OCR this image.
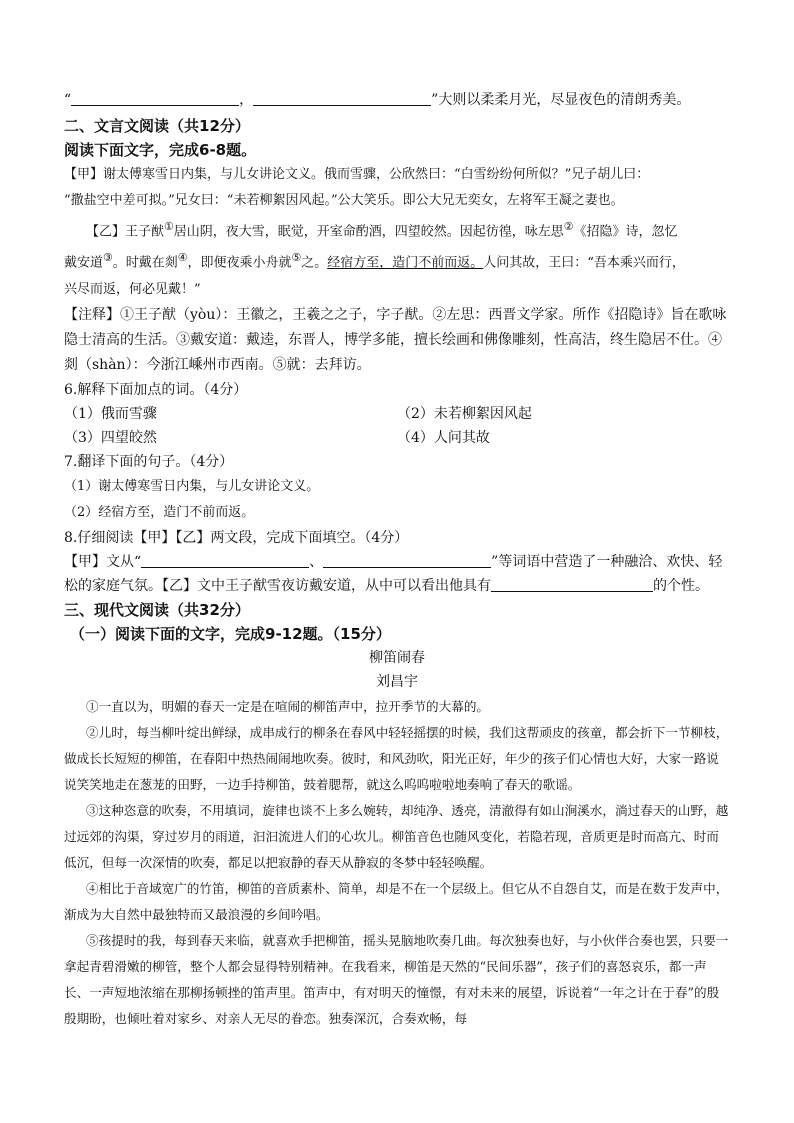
“	，	”大则以柔柔月光，尽显夜色的清朗秀美。
二、文言文阅读（共12分）
阅读下面文字，完成6-8题。
【甲】谢太傅寒雪日内集，与儿女讲论文义。俄而雪骤，公欣然曰：“白雪纷纷何所似？”兄子胡儿曰：
“撒盐空中差可拟。”兄女曰：“未若柳絮因风起。”公大笑乐。即公大兄无奕女，左将军王凝之妻也。
【乙】王子猷①居山阴，夜大雪，眠觉，开室命酌酒，四望皎然。因起彷徨，咏左思②《招隐》诗，忽忆
戴安道③。时戴在剡④，即便夜乘小舟就⑤之。经宿方至，造门不前而返。人问其故，王曰：“吾本乘兴而行，
兴尽而返，何必见戴！”
【注释】①王子猷（yòu）：王徽之，王羲之之子，字子猷。②左思：西晋文学家。所作《招隐诗》旨在歌咏
隐士清高的生活。③戴安道：戴逵，东晋人，博学多能，擅长绘画和佛像雕刻，性高洁，终生隐居不仕。④
剡（shàn）：今浙江嵊州市西南。⑤就：去拜访。
6.解释下面加点的词。（4分）
（1）俄而雪骤	（2）未若柳絮因风起
（3）四望皎然	（4）人问其故
7.翻译下面的句子。（4分）
（1）谢太傅寒雪日内集，与儿女讲论文义。
（2）经宿方至，造门不前而返。
8.仔细阅读【甲】【乙】两文段，完成下面填空。（4分）
【甲】文从“	、	”等词语中营造了一种融洽、欢快、轻
松的家庭气氛。【乙】文中王子猷雪夜访戴安道，从中可以看出他具有	的个性。
三、现代文阅读（共32分）
（一）阅读下面的文字，完成9-12题。（15分）
柳笛闹春
刘昌宇
①一直以为，明媚的春天一定是在喧闹的柳笛声中，拉开季节的大幕的。
②儿时，每当柳叶绽出鲜绿，成串成行的柳条在春风中轻轻摇摆的时候，我们这帮顽皮的孩童，都会折下一节柳枝，做成长长短短的柳笛，在春阳中热热闹闹地吹奏。彼时，和风劲吹，阳光正好，年少的孩子们心情也大好，大家一路说说笑笑地走在葱茏的田野，一边手持柳笛，鼓着腮帮，就这么呜呜啦啦地奏响了春天的歌谣。
③这种恣意的吹奏，不用填词，旋律也谈不上多么婉转，却纯净、透亮，清澈得有如山涧溪水，淌过春天的山野，越过远郊的沟渠，穿过岁月的雨道，汩汩流进人们的心坎儿。柳笛音色也随风变化，若隐若现，音质更是时而高亢、时而低沉，但每一次深情的吹奏，都足以把寂静的春天从静寂的冬梦中轻轻唤醒。
④相比于音域宽广的竹笛，柳笛的音质素朴、简单，却是不在一个层级上。但它从不自怨自艾，而是在数于发声中，渐成为大自然中最独特而又最浪漫的乡间吟唱。
⑤孩提时的我，每到春天来临，就喜欢手把柳笛，摇头晃脑地吹奏几曲。每次独奏也好，与小伙伴合奏也罢，只要一拿起青碧滑嫩的柳管，整个人都会显得特别精神。在我看来，柳笛是天然的“民间乐器”，孩子们的喜怒哀乐，都一声长、一声短地浓缩在那柳扬顿挫的笛声里。笛声中，有对明天的憧憬，有对未来的展望，诉说着“一年之计在于春”的殷殷期盼，也倾吐着对家乡、对亲人无尽的眷恋。独奏深沉，合奏欢畅，每
